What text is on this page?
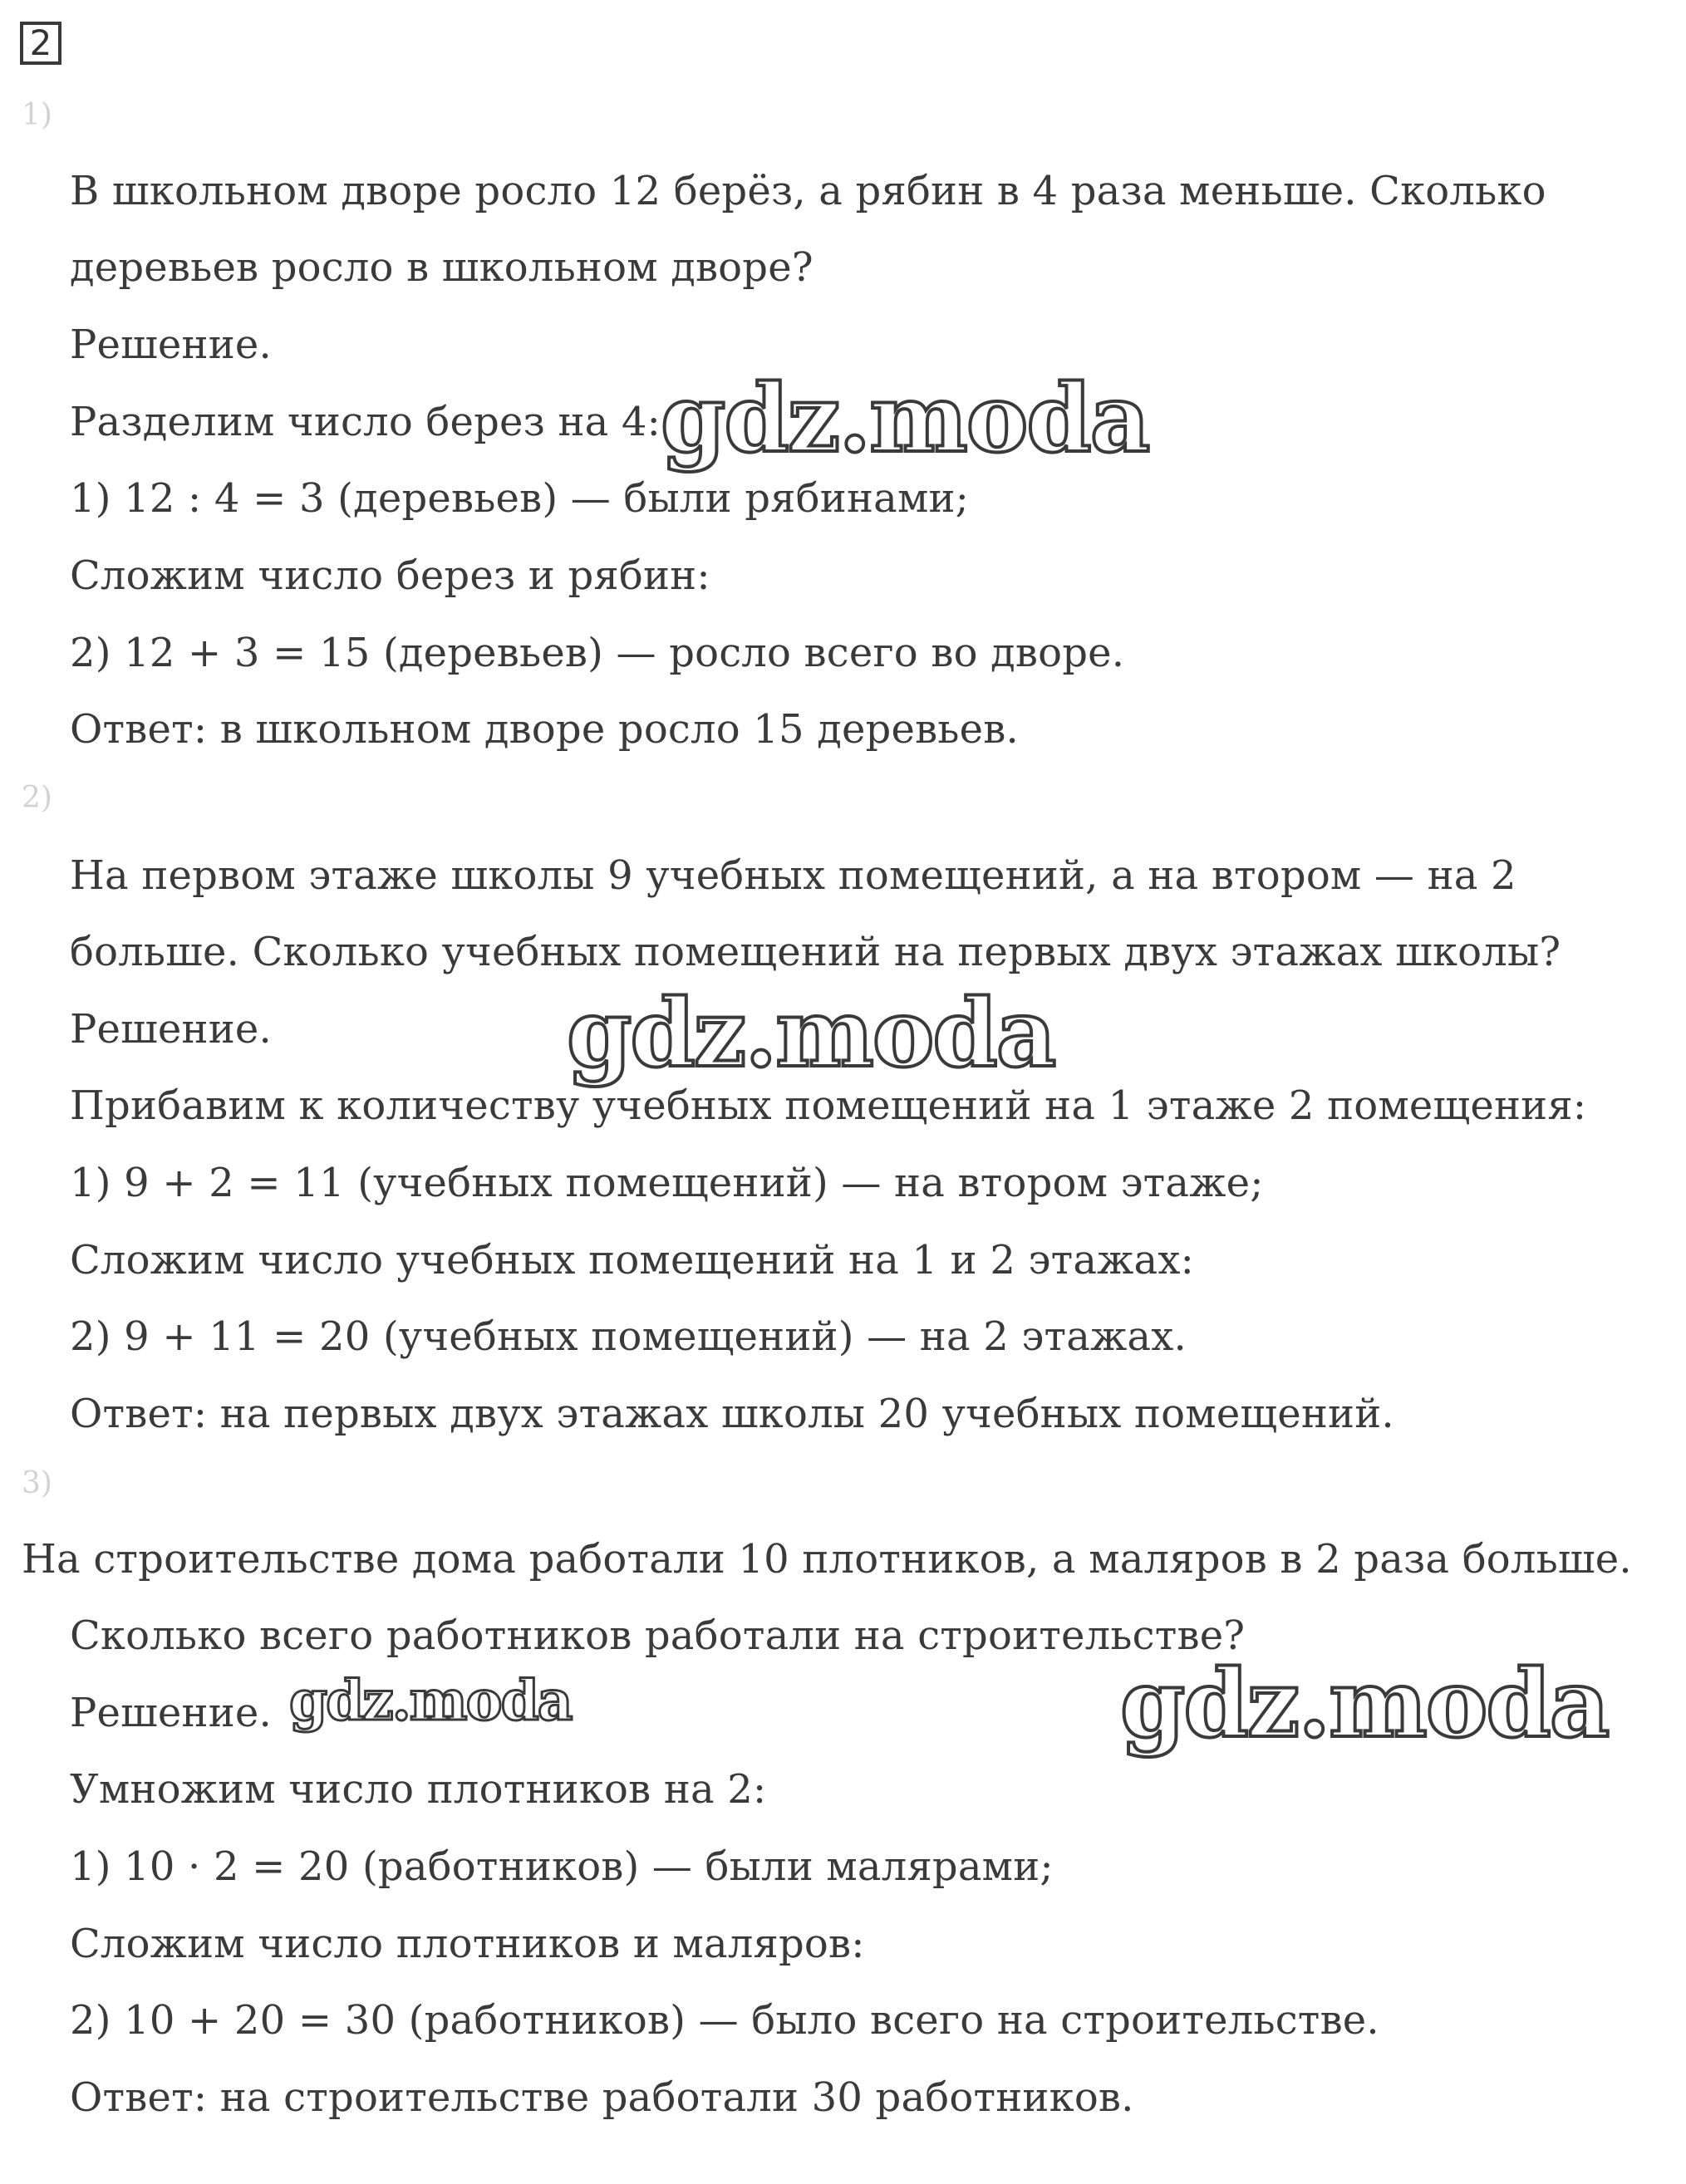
2
1)
В школьном дворе росло 12 берёз, а рябин в 4 раза меньше. Сколько
деревьев росло в школьном дворе?
Решение.
Разделим число берез на 4:
1) 12 : 4 = 3 (деревьев) — были рябинами;
Сложим число берез и рябин:
2) 12 + 3 = 15 (деревьев) — росло всего во дворе.
Ответ: в школьном дворе росло 15 деревьев.
2)
На первом этаже школы 9 учебных помещений, а на втором — на 2
больше. Сколько учебных помещений на первых двух этажах школы?
Решение.
Прибавим к количеству учебных помещений на 1 этаже 2 помещения:
1) 9 + 2 = 11 (учебных помещений) — на втором этаже;
Сложим число учебных помещений на 1 и 2 этажах:
2) 9 + 11 = 20 (учебных помещений) — на 2 этажах.
Ответ: на первых двух этажах школы 20 учебных помещений.
3)
На строительстве дома работали 10 плотников, а маляров в 2 раза больше.
Сколько всего работников работали на строительстве?
Решение.
Умножим число плотников на 2:
1) 10 · 2 = 20 (работников) — были малярами;
Сложим число плотников и маляров:
2) 10 + 20 = 30 (работников) — было всего на строительстве.
Ответ: на строительстве работали 30 работников.
gdz.moda
gdz.moda
gdz.moda	gdz.moda
